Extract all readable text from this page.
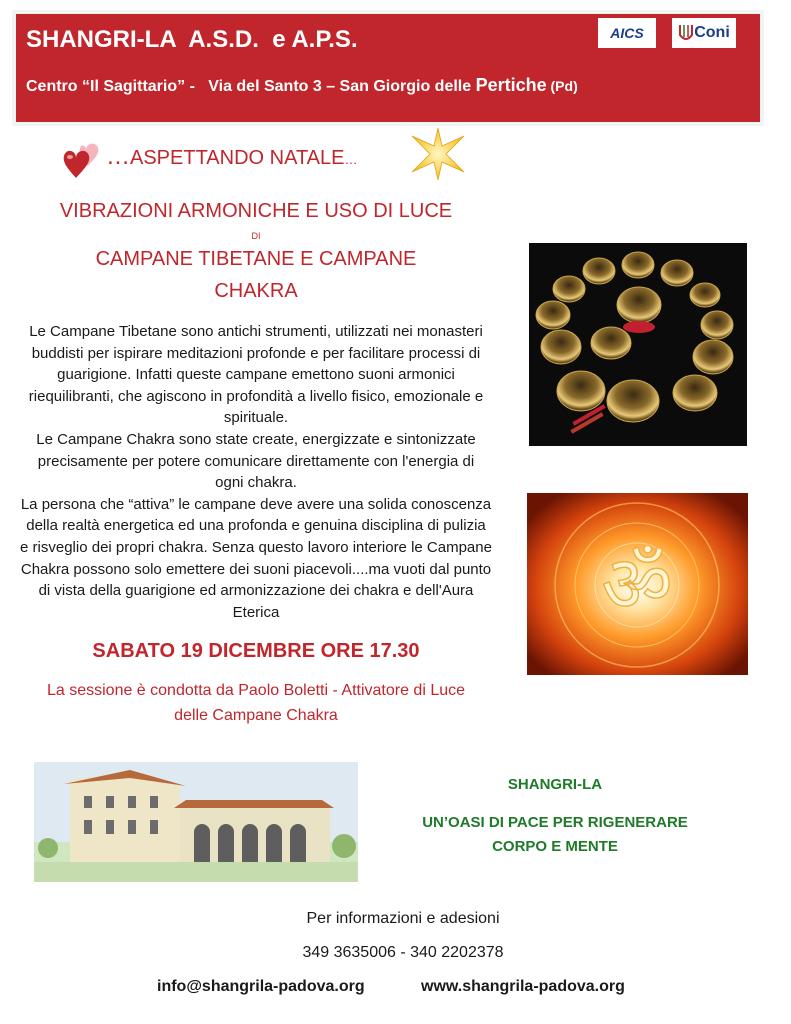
SHANGRI-LA  A.S.D.  e A.P.S.
Centro “Il Sagittario” -   Via del Santo 3 – San Giorgio delle Pertiche (Pd)
AICS	Coni
…ASPETTANDO NATALE…
VIBRAZIONI ARMONICHE E USO DI LUCE
DI
CAMPANE TIBETANE E CAMPANE
CHAKRA
Le Campane Tibetane sono antichi strumenti, utilizzati nei monasteri
buddisti per ispirare meditazioni profonde e per facilitare processi di
guarigione. Infatti queste campane emettono suoni armonici
riequilibranti, che agiscono in profondità a livello fisico, emozionale e
spirituale.
Le Campane Chakra sono state create, energizzate e sintonizzate
precisamente per potere comunicare direttamente con l'energia di
ogni chakra.
La persona che “attiva” le campane deve avere una solida conoscenza
della realtà energetica ed una profonda e genuina disciplina di pulizia
e risveglio dei propri chakra. Senza questo lavoro interiore le Campane
Chakra possono solo emettere dei suoni piacevoli....ma vuoti dal punto
di vista della guarigione ed armonizzazione dei chakra e dell'Aura
Eterica
SABATO 19 DICEMBRE ORE 17.30
La sessione è condotta da Paolo Boletti - Attivatore di Luce
delle Campane Chakra
ॐ
SHANGRI-LA
UN’OASI DI PACE PER RIGENERARE
CORPO E MENTE
Per informazioni e adesioni
349 3635006 - 340 2202378
info@shangrila-padova.org	www.shangrila-padova.org
